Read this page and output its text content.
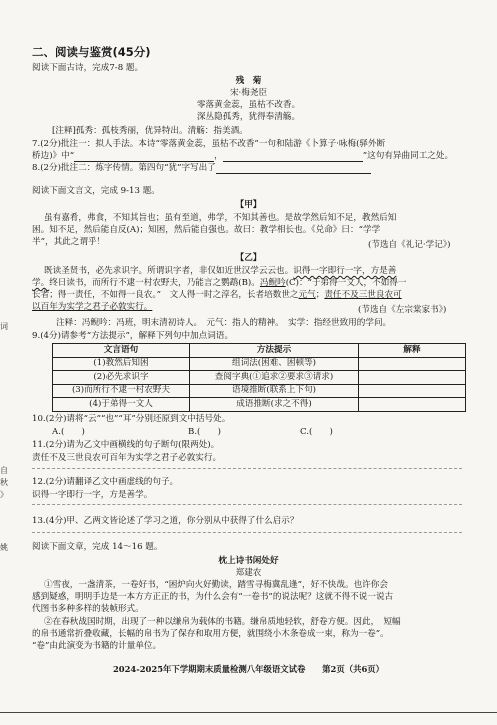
二、阅读与鉴赏(45分)
阅读下面古诗，完成7-8 题。
残　菊
宋·梅尧臣
零落黄金蕊，虽枯不改香。
深丛隐孤秀，犹得奉清觞。
[注释]孤秀：孤枝秀丽，优异特出。清觞：指美酒。
7.(2分)批注一：拟人手法。本诗“零落黄金蕊，虽枯不改香”一句和陆游《卜算子·咏梅(驿外断
桥边)》中“	，	”这句有异曲同工之处。
8.(2分)批注二：炼字传情。第四句“犹”字写出了
阅读下面文言文，完成 9-13 题。
【甲】
虽有嘉肴，弗食，不知其旨也；虽有至道，弗学，不知其善也。是故学然后知不足，教然后知
困。知不足，然后能自反(A)；知困，然后能自强也。故曰：教学相长也。《兑命》曰：“学学
半”，其此之谓乎！	(节选自《礼记·学记》)
【乙】
既读圣贤书，必先求识字。所谓识字者，非仅如近世汉学云云也。识得一字即行一字，方是善
学。终日读书，而所行不逮一村农野夫，乃能言之鹦鹉(B)。冯鲵吟(C)：“于弟得一文人，不如得一
长者；得一责任，不如得一良农。”　文人得一时之淳名，长者培数世之元气；责任不及三世良农可
以百年为实学之君子必敦实行。	(节选自《左宗棠家书》)
注释：冯鲵吟：冯班，明末清初诗人。　元气：指人的精神。　实学：指经世致用的学问。
9.(4分)请参考“方法提示”，解释下列句中加点词语。
文言语句	方法提示	解释
(1)教然后知困	组词法(困难、困顿等)	
(2)必先求识字	查阅字典(①追求②要求③请求)	
(3)而所行不逮一村农野夫	语境推断(联系上下句)	
(4)于弟得一文人	成语推断(求之不得)	
10.(2分)请将“云”“也”“耳”分别还原到文中括号处。
A.(　　)	B.(　　)	C.(　　)
11.(2分)请为乙文中画横线的句子断句(限两处)。
责任不及三世良农可百年为实学之君子必敦实行。
12.(2分)请翻译乙文中画虚线的句子。
识得一字即行一字，方是善学。
13.(4分)甲、乙两文皆论述了学习之道，你分别从中获得了什么启示？
阅读下面文章，完成 14～16 题。
枕上诗书闲处好
郑建农
①雪夜，一盏清茶，一卷好书，“困炉向火好勤读，踏雪寻梅冀乱逢”，好不快哉。也许你会
感到疑惑，明明手边是一本方方正正的书，为什么会有“一卷书”的说法呢？这就不得不说一说古
代图书多种多样的装帧形式。
②在春秋战国时期，出现了一种以缣帛为载体的书籍。缣帛质地轻软，舒卷方便。因此，　短幅
的帛书通常折叠收藏，长幅的帛书为了保存和取用方便，就围绕小木条卷成一束，称为一卷”。
“卷”由此演变为书籍的计量单位。
2024-2025年下学期期末质量检测八年级语文试卷　　第2页（共6页）
词
自
秋
》
姚
